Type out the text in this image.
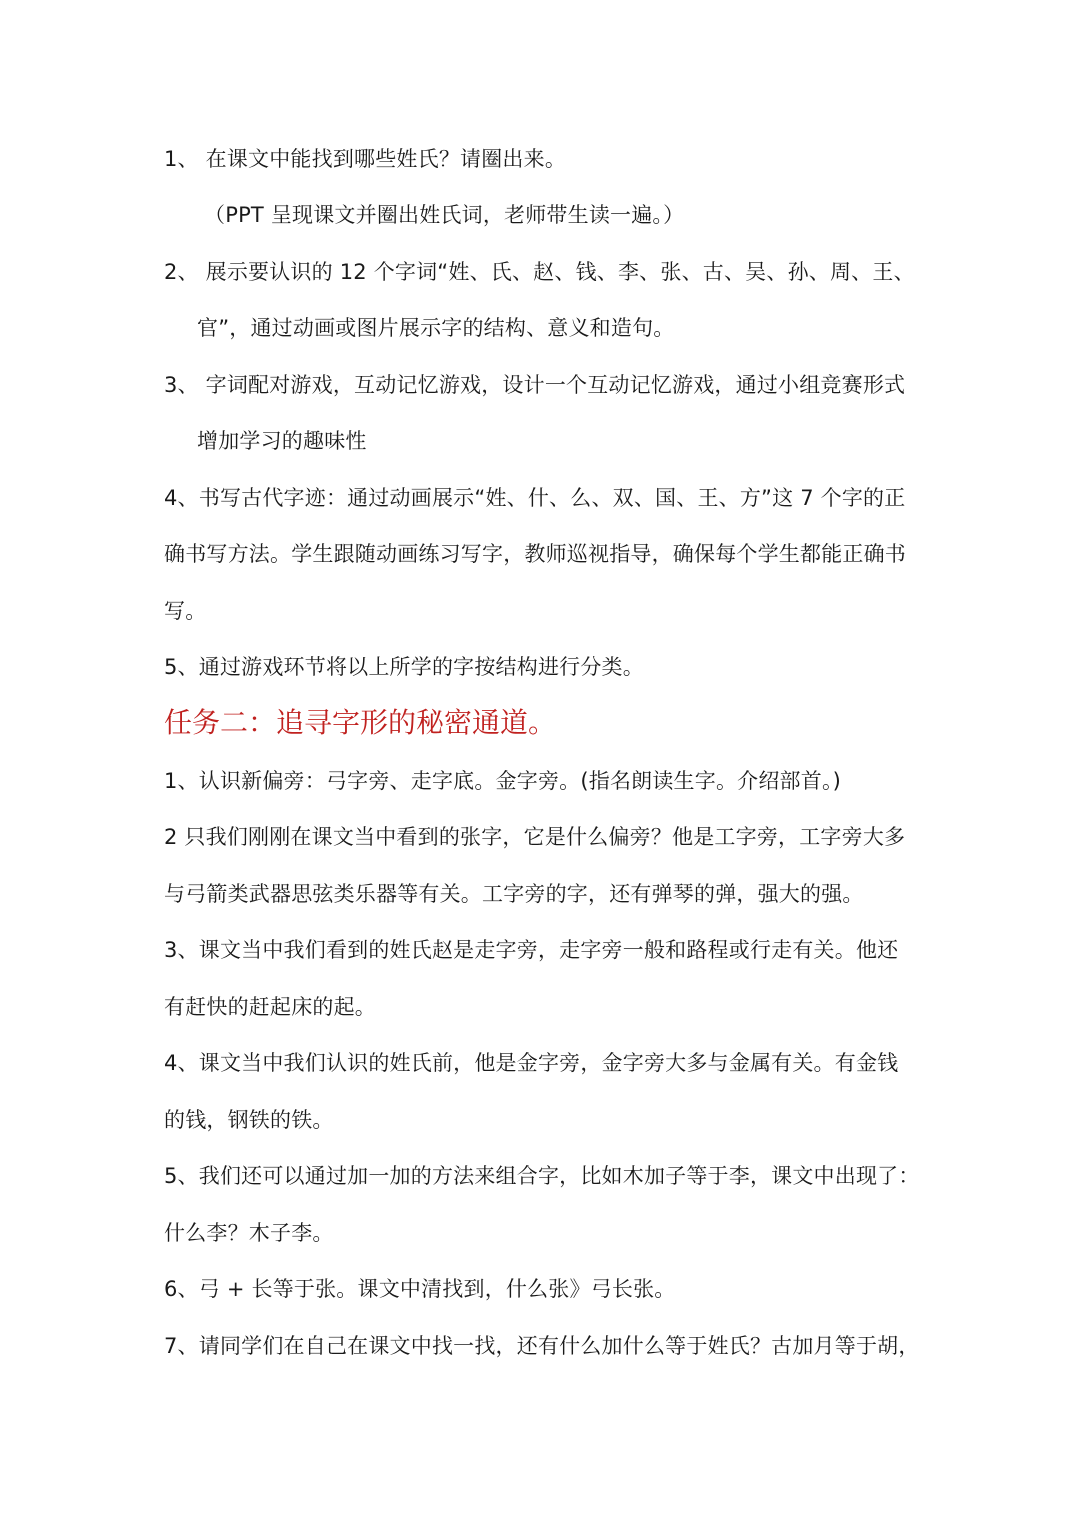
1、 在课文中能找到哪些姓氏？请圈出来。
（PPT 呈现课文并圈出姓氏词，老师带生读一遍。）
2、 展示要认识的 12 个字词“姓、氏、赵、钱、李、张、古、吴、孙、周、王、
官”，通过动画或图片展示字的结构、意义和造句。
3、 字词配对游戏，互动记忆游戏，设计一个互动记忆游戏，通过小组竞赛形式
增加学习的趣味性
4、书写古代字迹：通过动画展示“姓、什、么、双、国、王、方”这 7 个字的正
确书写方法。学生跟随动画练习写字，教师巡视指导，确保每个学生都能正确书
写。
5、通过游戏环节将以上所学的字按结构进行分类。
任务二：追寻字形的秘密通道。
1、认识新偏旁：弓字旁、走字底。金字旁。(指名朗读生字。介绍部首。)
2 只我们刚刚在课文当中看到的张字，它是什么偏旁？他是工字旁，工字旁大多
与弓箭类武器思弦类乐器等有关。工字旁的字，还有弹琴的弹，强大的强。
3、课文当中我们看到的姓氏赵是走字旁，走字旁一般和路程或行走有关。他还
有赶快的赶起床的起。
4、课文当中我们认识的姓氏前，他是金字旁，金字旁大多与金属有关。有金钱
的钱，钢铁的铁。
5、我们还可以通过加一加的方法来组合字，比如木加子等于李，课文中出现了：
什么李？木子李。
6、弓 + 长等于张。课文中清找到，什么张》弓长张。
7、请同学们在自己在课文中找一找，还有什么加什么等于姓氏？古加月等于胡，
